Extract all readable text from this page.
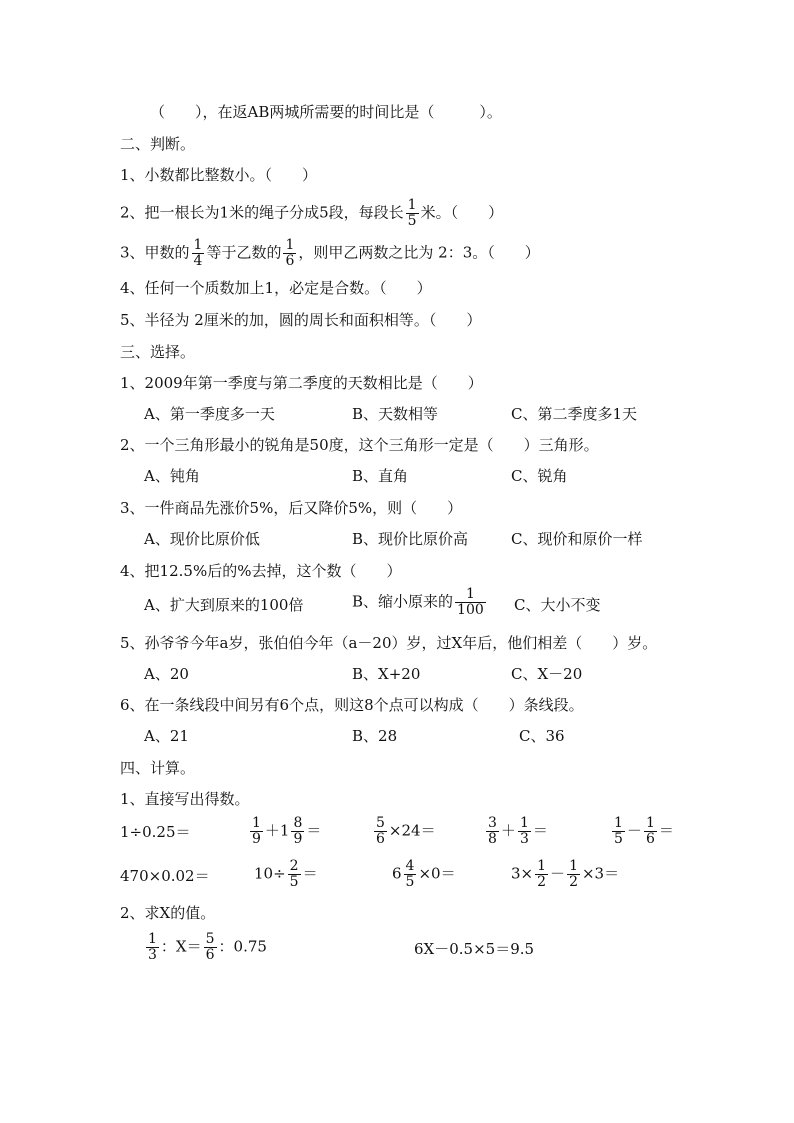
（　　），在返AB两城所需要的时间比是（　　　）。
二、判断。
1、小数都比整数小。（　　）
2、把一根长为1米的绳子分成5段，每段长 $\frac{1}{5}$ 米。（　　）
3、甲数的 $\frac{1}{4}$ 等于乙数的 $\frac{1}{6}$ ，则甲乙两数之比为 2：3。（　　）
4、任何一个质数加上1，必定是合数。（　　）
5、半径为 2厘米的加，圆的周长和面积相等。（　　）
三、选择。
1、2009年第一季度与第二季度的天数相比是（　　）
A、第一季度多一天	B、天数相等	C、第二季度多1天
2、一个三角形最小的锐角是50度，这个三角形一定是（　　）三角形。
A、钝角	B、直角	C、锐角
3、一件商品先涨价5%，后又降价5%，则（　　）
A、现价比原价低	B、现价比原价高	C、现价和原价一样
4、把12.5%后的%去掉，这个数（　　）
A、扩大到原来的100倍	B、缩小原来的 $\frac{1}{100}$ C、大小不变
5、孙爷爷今年a岁，张伯伯今年（a－20）岁，过X年后，他们相差（　　）岁。
A、20	B、X+20	C、X－20
6、在一条线段中间另有6个点，则这8个点可以构成（　　）条线段。
A、21	B、28	C、36
四、计算。
1、直接写出得数。
1÷0.25＝	$\frac{1}{9} +1 \frac{8}{9}$ ＝	$\frac{5}{6} \times 24=$	$\frac{3}{8} + \frac{1}{3}$ ＝	$\frac{1}{5} - \frac{1}{6}$ ＝
470×0.02＝	$10\div \frac{2}{5}$ ＝	$6 \frac{4}{5} \times 0=$	$3\times \frac{1}{2} - \frac{1}{2} \times 3=$
2、求X的值。
$\frac{1}{3}$ ：$X= \frac{5}{6}$ ：0.75	6X－0.5×5＝9.5
